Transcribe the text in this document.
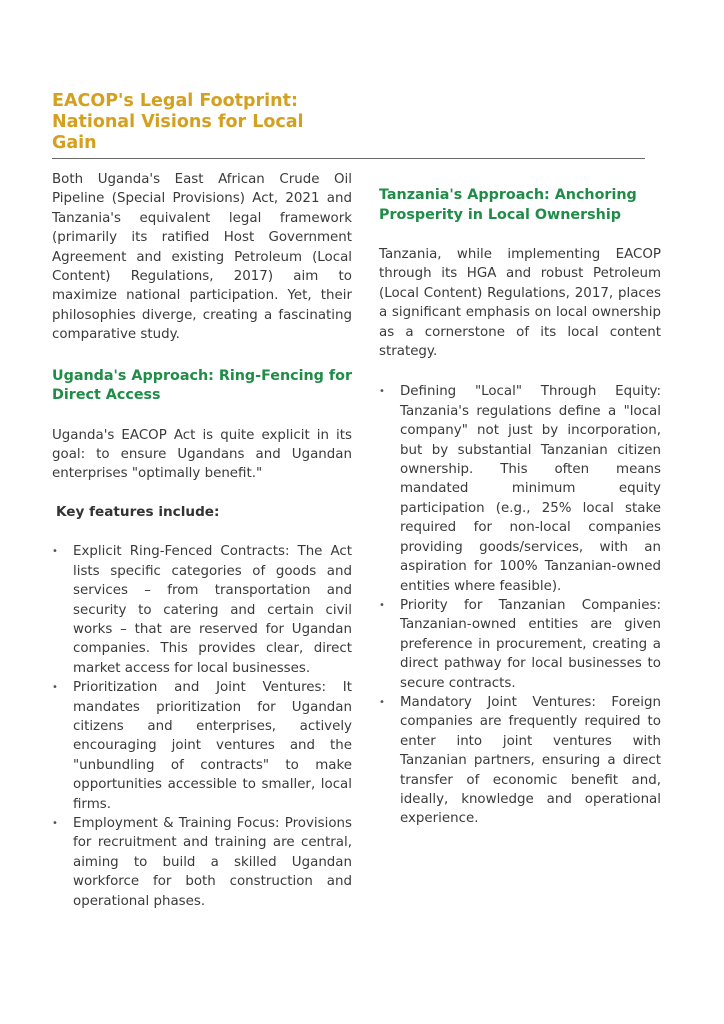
EACOP's Legal Footprint: National Visions for Local Gain

Both Uganda's East African Crude Oil Pipeline (Special Provisions) Act, 2021 and Tanzania's equivalent legal framework (primarily its ratified Host Government Agreement and existing Petroleum (Local Content) Regulations, 2017) aim to maximize national participation. Yet, their philosophies diverge, creating a fascinating comparative study.

Uganda's Approach: Ring-Fencing for Direct Access

Uganda's EACOP Act is quite explicit in its goal: to ensure Ugandans and Ugandan enterprises "optimally benefit."

Key features include:

• Explicit Ring-Fenced Contracts: The Act lists specific categories of goods and services – from transportation and security to catering and certain civil works – that are reserved for Ugandan companies. This provides clear, direct market access for local businesses.
• Prioritization and Joint Ventures: It mandates prioritization for Ugandan citizens and enterprises, actively encouraging joint ventures and the "unbundling of contracts" to make opportunities accessible to smaller, local firms.
• Employment & Training Focus: Provisions for recruitment and training are central, aiming to build a skilled Ugandan workforce for both construction and operational phases.
Tanzania's Approach: Anchoring Prosperity in Local Ownership

Tanzania, while implementing EACOP through its HGA and robust Petroleum (Local Content) Regulations, 2017, places a significant emphasis on local ownership as a cornerstone of its local content strategy.

• Defining "Local" Through Equity: Tanzania's regulations define a "local company" not just by incorporation, but by substantial Tanzanian citizen ownership. This often means mandated minimum equity participation (e.g., 25% local stake required for non-local companies providing goods/services, with an aspiration for 100% Tanzanian-owned entities where feasible).
• Priority for Tanzanian Companies: Tanzanian-owned entities are given preference in procurement, creating a direct pathway for local businesses to secure contracts.
• Mandatory Joint Ventures: Foreign companies are frequently required to enter into joint ventures with Tanzanian partners, ensuring a direct transfer of economic benefit and, ideally, knowledge and operational experience.
